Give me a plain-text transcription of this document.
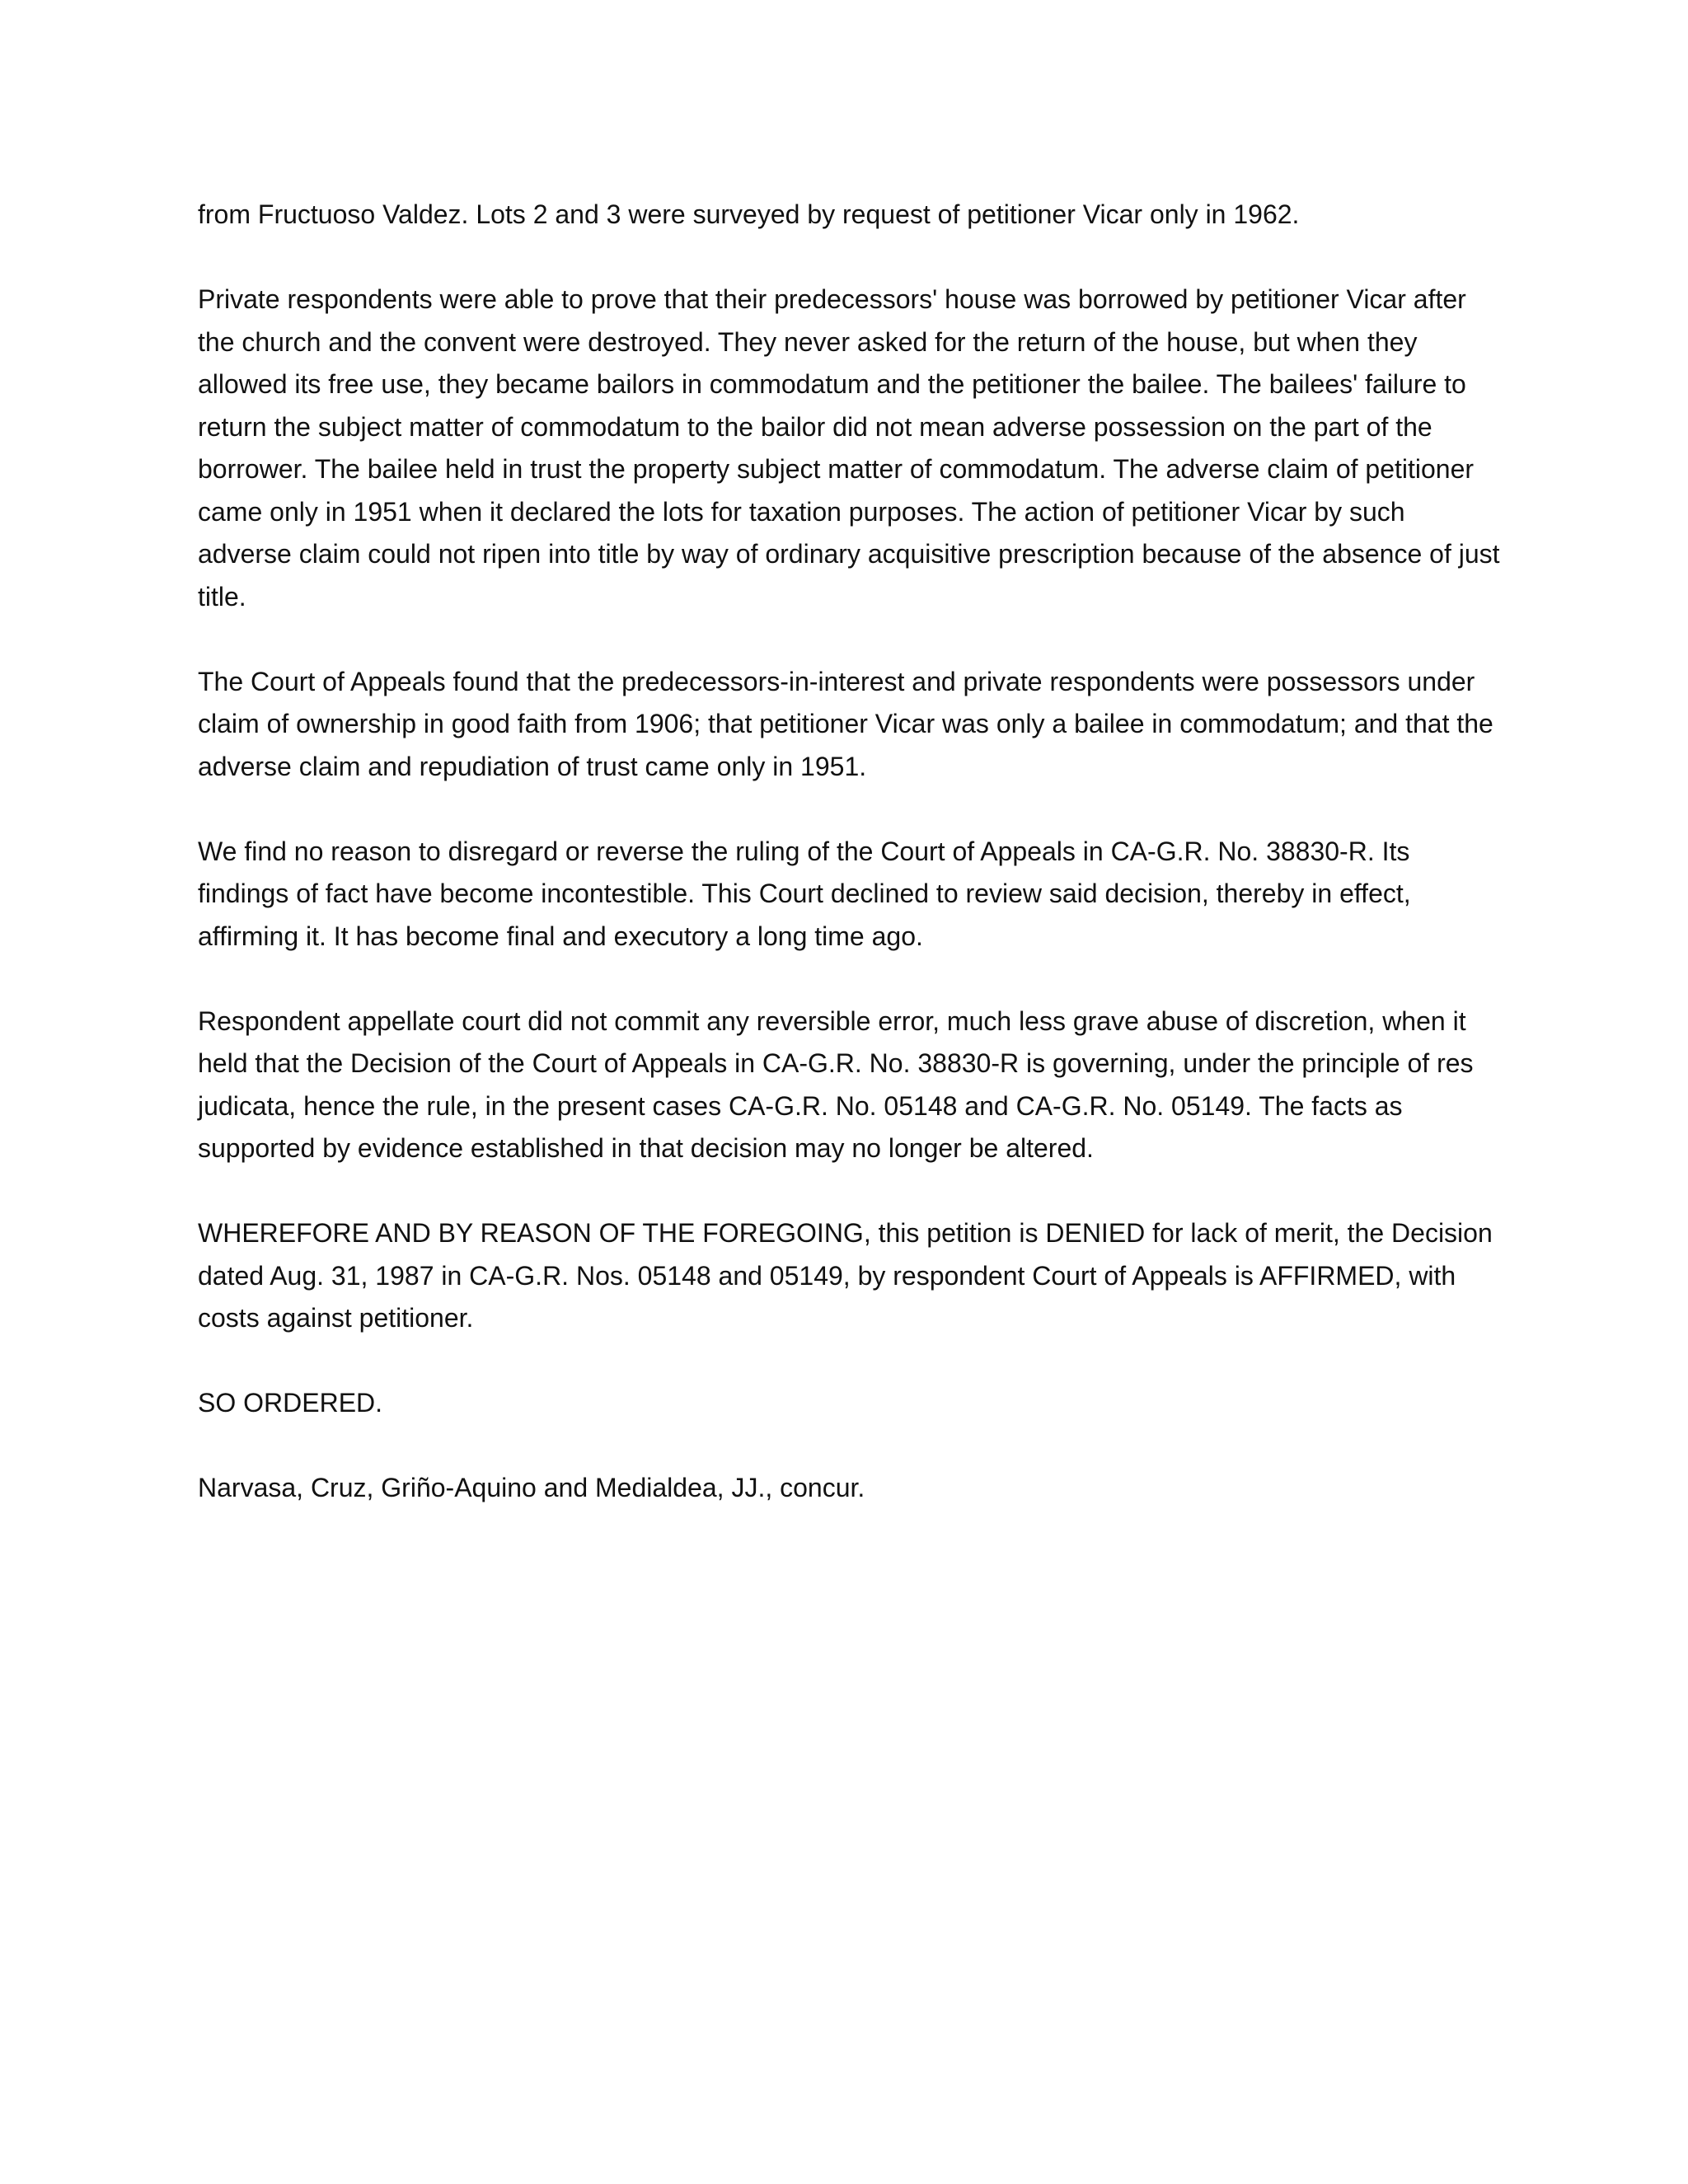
from Fructuoso Valdez. Lots 2 and 3 were surveyed by request of petitioner Vicar only in 1962.

Private respondents were able to prove that their predecessors' house was borrowed by petitioner Vicar after the church and the convent were destroyed. They never asked for the return of the house, but when they allowed its free use, they became bailors in commodatum and the petitioner the bailee. The bailees' failure to return the subject matter of commodatum to the bailor did not mean adverse possession on the part of the borrower. The bailee held in trust the property subject matter of commodatum. The adverse claim of petitioner came only in 1951 when it declared the lots for taxation purposes. The action of petitioner Vicar by such adverse claim could not ripen into title by way of ordinary acquisitive prescription because of the absence of just title.

The Court of Appeals found that the predecessors-in-interest and private respondents were possessors under claim of ownership in good faith from 1906; that petitioner Vicar was only a bailee in commodatum; and that the adverse claim and repudiation of trust came only in 1951.

We find no reason to disregard or reverse the ruling of the Court of Appeals in CA-G.R. No. 38830-R. Its findings of fact have become incontestible. This Court declined to review said decision, thereby in effect, affirming it. It has become final and executory a long time ago.

Respondent appellate court did not commit any reversible error, much less grave abuse of discretion, when it held that the Decision of the Court of Appeals in CA-G.R. No. 38830-R is governing, under the principle of res judicata, hence the rule, in the present cases CA-G.R. No. 05148 and CA-G.R. No. 05149. The facts as supported by evidence established in that decision may no longer be altered.

WHEREFORE AND BY REASON OF THE FOREGOING, this petition is DENIED for lack of merit, the Decision dated Aug. 31, 1987 in CA-G.R. Nos. 05148 and 05149, by respondent Court of Appeals is AFFIRMED, with costs against petitioner.

SO ORDERED.

Narvasa, Cruz, Griño-Aquino and Medialdea, JJ., concur.
